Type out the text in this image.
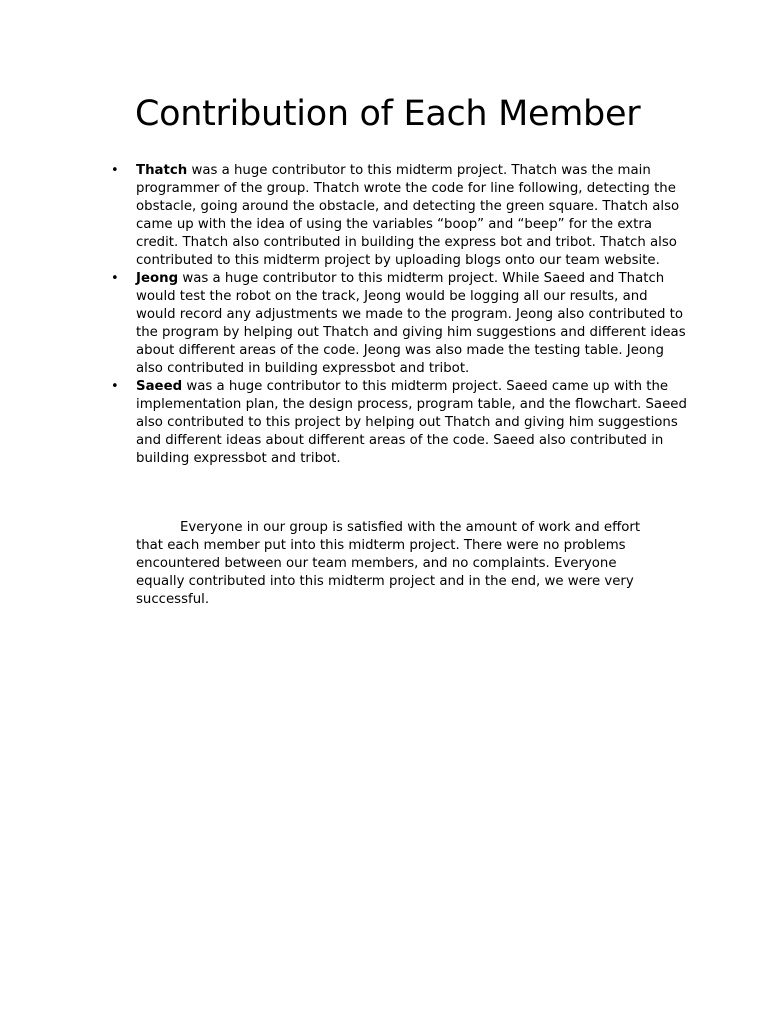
Contribution of Each Member
• Thatch was a huge contributor to this midterm project. Thatch was the main programmer of the group. Thatch wrote the code for line following, detecting the obstacle, going around the obstacle, and detecting the green square. Thatch also came up with the idea of using the variables “boop” and “beep” for the extra credit. Thatch also contributed in building the express bot and tribot. Thatch also contributed to this midterm project by uploading blogs onto our team website.
• Jeong was a huge contributor to this midterm project. While Saeed and Thatch would test the robot on the track, Jeong would be logging all our results, and would record any adjustments we made to the program. Jeong also contributed to the program by helping out Thatch and giving him suggestions and different ideas about different areas of the code. Jeong was also made the testing table. Jeong also contributed in building expressbot and tribot.
• Saeed was a huge contributor to this midterm project. Saeed came up with the implementation plan, the design process, program table, and the flowchart. Saeed also contributed to this project by helping out Thatch and giving him suggestions and different ideas about different areas of the code. Saeed also contributed in building expressbot and tribot.

Everyone in our group is satisfied with the amount of work and effort that each member put into this midterm project. There were no problems encountered between our team members, and no complaints. Everyone equally contributed into this midterm project and in the end, we were very successful.
